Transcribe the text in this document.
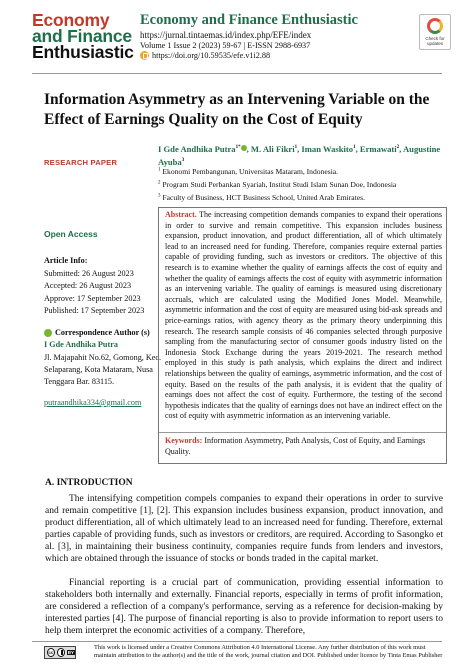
Economy
and Finance
Enthusiastic
Economy and Finance Enthusiastic
https://jurnal.tintaemas.id/index.php/EFE/index
Volume 1 Issue 2 (2023) 59-67 | E-ISSN 2988-6937
https://doi.org/10.59535/efe.v1i2.88
Check for updates
Information Asymmetry as an Intervening Variable on the Effect of Earnings Quality on the Cost of Equity
RESEARCH PAPER
Open Access
Article Info:
Submitted: 26 August 2023
Accepted: 26 August 2023
Approve: 17 September 2023
Published: 17 September 2023
Correspondence Author (s)
I Gde Andhika Putra
Jl. Majapahit No.62, Gomong, Kec. Selaparang, Kota Mataram, Nusa Tenggara Bar. 83115.
putraandhika334@gmail.com
I Gde Andhika Putra$^{1*}$ , M. Ali Fikri$^1$, Iman Waskito$^1$, Ermawati$^2$, Augustine Ayuba$^3$
$^1$ Ekonomi Pembangunan, Universitas Mataram, Indonesia.
$^2$ Program Studi Perbankan Syariah, Institut Studi Islam Sunan Doe, Indonesia
$^3$ Faculty of Business, HCT Business School, United Arab Emirates.
Abstract. The increasing competition demands companies to expand their operations in order to survive and remain competitive. This expansion includes business expansion, product innovation, and product differentiation, all of which ultimately lead to an increased need for funding. Therefore, companies require external parties capable of providing funding, such as investors or creditors. The objective of this research is to examine whether the quality of earnings affects the cost of equity and whether the quality of earnings affects the cost of equity with asymmetric information as an intervening variable. The quality of earnings is measured using discretionary accruals, which are calculated using the Modified Jones Model. Meanwhile, asymmetric information and the cost of equity are measured using bid-ask spreads and price-earnings ratios, with agency theory as the primary theory underpinning this research. The research sample consists of 46 companies selected through purposive sampling from the manufacturing sector of consumer goods industry listed on the Indonesia Stock Exchange during the years 2019-2021. The research method employed in this study is path analysis, which explains the direct and indirect relationships between the quality of earnings, asymmetric information, and the cost of equity. Based on the results of the path analysis, it is evident that the quality of earnings does not affect the cost of equity. Furthermore, the testing of the second hypothesis indicates that the quality of earnings does not have an indirect effect on the cost of equity with asymmetric information as an intervening variable.
Keywords: Information Asymmetry, Path Analysis, Cost of Equity, and Earnings Quality.
A. INTRODUCTION
The intensifying competition compels companies to expand their operations in order to survive and remain competitive [1], [2]. This expansion includes business expansion, product innovation, and product differentiation, all of which ultimately lead to an increased need for funding. Therefore, external parties capable of providing funds, such as investors or creditors, are required. According to Sasongko et al. [3], in maintaining their business continuity, companies require funds from lenders and investors, which are obtained through the issuance of stocks or bonds traded in the capital market.
Financial reporting is a crucial part of communication, providing essential information to stakeholders both internally and externally. Financial reports, especially in terms of profit information, are considered a reflection of a company's performance, serving as a reference for decision-making by interested parties [4]. The purpose of financial reporting is also to provide information to report users to help them interpret the economic activities of a company. Therefore,
cc	BY
This work is licensed under a Creative Commons Attribution 4.0 International License. Any further distribution of this work must maintain attribution to the author(s) and the title of the work, journal citation and DOI. Published under licence by Tinta Emas Publisher
